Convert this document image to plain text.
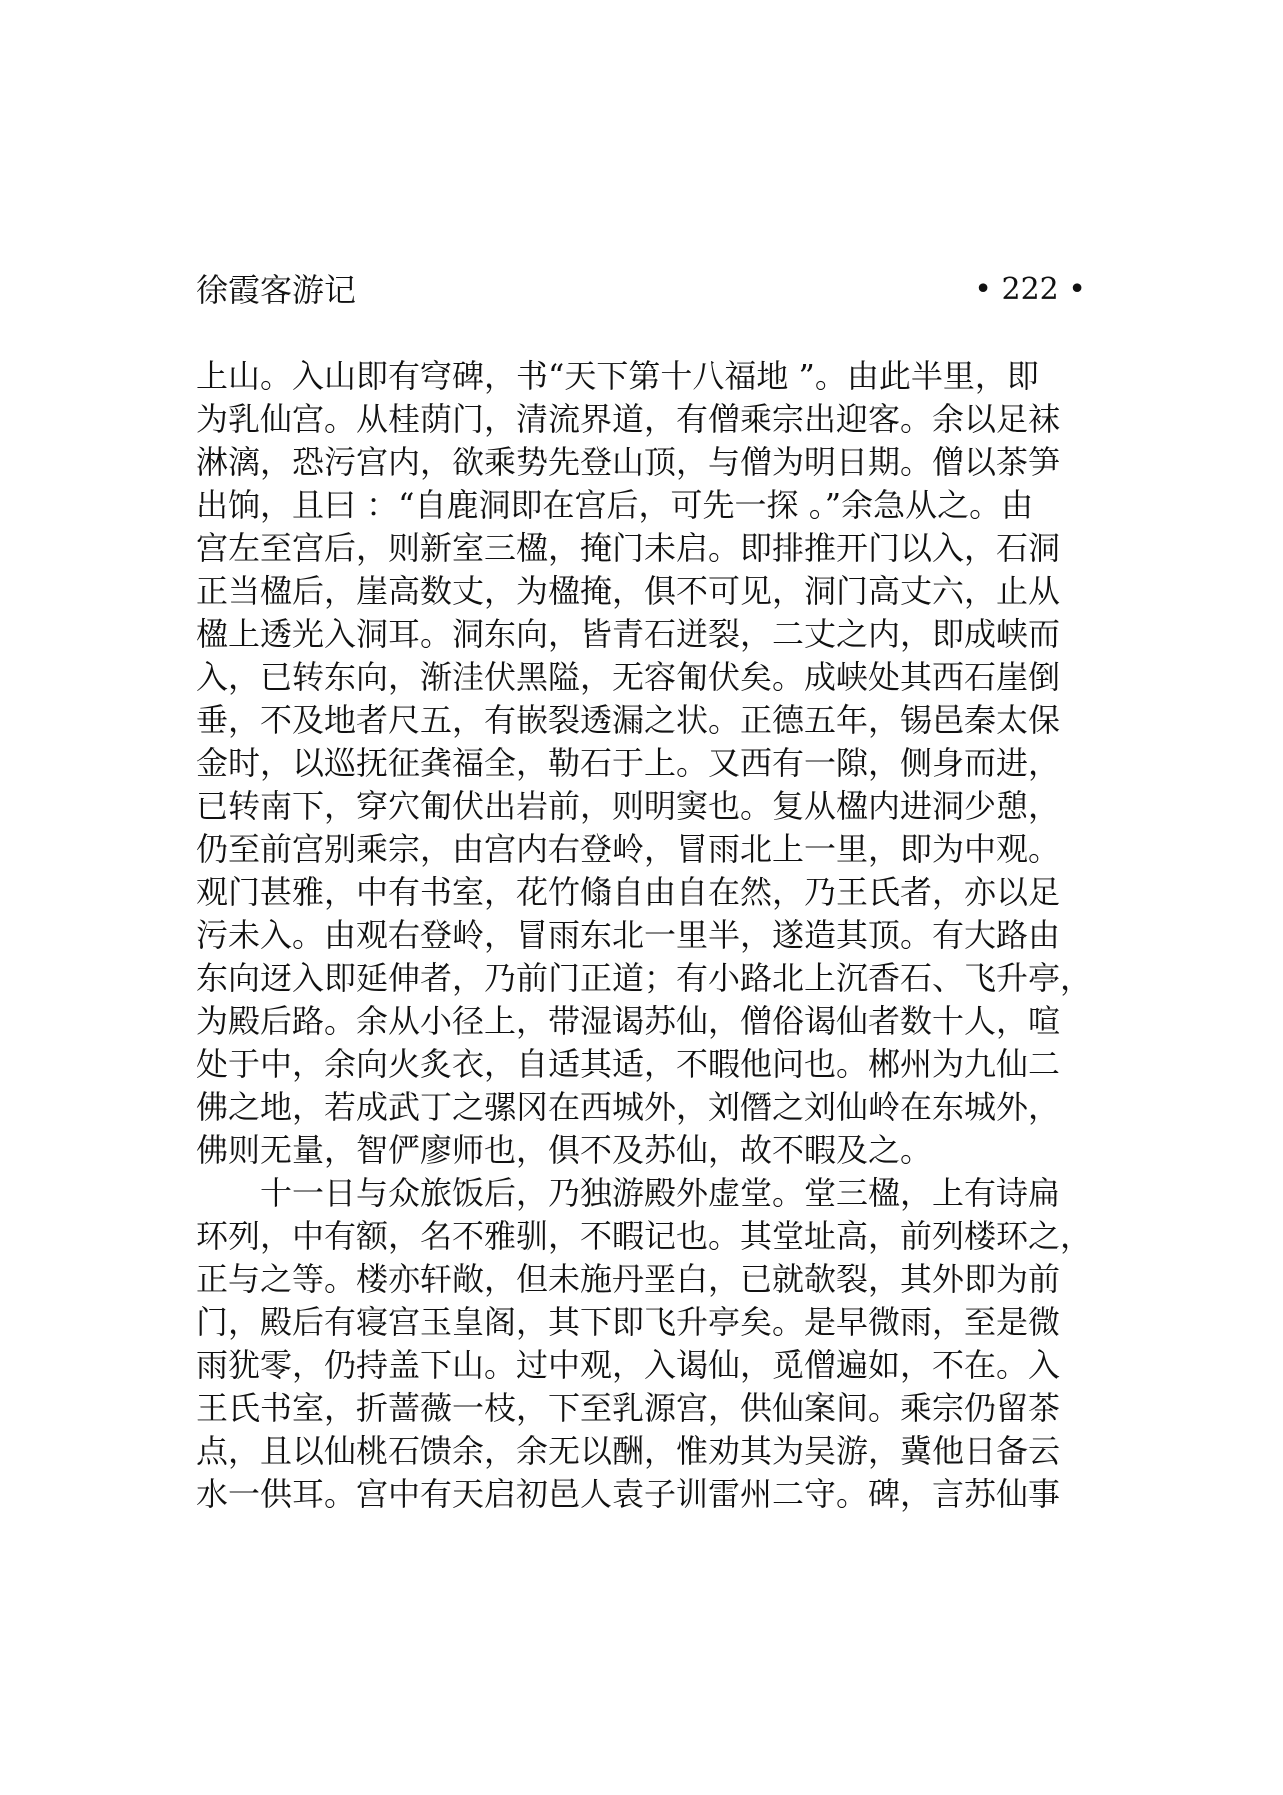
徐霞客游记	• 222 •
上山。入山即有穹碑，书“天下第十八福地 ”。由此半里，即
为乳仙宫。从桂荫门，清流界道，有僧乘宗出迎客。余以足袜
淋漓，恐污宫内，欲乘势先登山顶，与僧为明日期。僧以茶笋
出饷，且曰 ：“自鹿洞即在宫后，可先一探 。”余急从之。由
宫左至宫后，则新室三楹，掩门未启。即排推开门以入，石洞
正当楹后，崖高数丈，为楹掩，俱不可见，洞门高丈六，止从
楹上透光入洞耳。洞东向，皆青石迸裂，二丈之内，即成峡而
入，已转东向，渐洼伏黑隘，无容匍伏矣。成峡处其西石崖倒
垂，不及地者尺五，有嵌裂透漏之状。正德五年，锡邑秦太保
金时，以巡抚征龚福全，勒石于上。又西有一隙，侧身而进，
已转南下，穿穴匍伏出岩前，则明窦也。复从楹内进洞少憩，
仍至前宫别乘宗，由宫内右登岭，冒雨北上一里，即为中观。
观门甚雅，中有书室，花竹翛自由自在然，乃王氏者，亦以足
污未入。由观右登岭，冒雨东北一里半，遂造其顶。有大路由
东向迓入即延伸者，乃前门正道；有小路北上沉香石、飞升亭，
为殿后路。余从小径上，带湿谒苏仙，僧俗谒仙者数十人，喧
处于中，余向火炙衣，自适其适，不暇他问也。郴州为九仙二
佛之地，若成武丁之骡冈在西城外，刘僭之刘仙岭在东城外，
佛则无量，智俨廖师也，俱不及苏仙，故不暇及之。
十一日与众旅饭后，乃独游殿外虚堂。堂三楹，上有诗扁
环列，中有额，名不雅驯，不暇记也。其堂址高，前列楼环之，
正与之等。楼亦轩敞，但未施丹垩白，已就欹裂，其外即为前
门，殿后有寝宫玉皇阁，其下即飞升亭矣。是早微雨，至是微
雨犹零，仍持盖下山。过中观，入谒仙，觅僧遍如，不在。入
王氏书室，折蔷薇一枝，下至乳源宫，供仙案间。乘宗仍留茶
点，且以仙桃石馈余，余无以酬，惟劝其为吴游，冀他日备云
水一供耳。宫中有天启初邑人袁子训雷州二守。碑，言苏仙事
